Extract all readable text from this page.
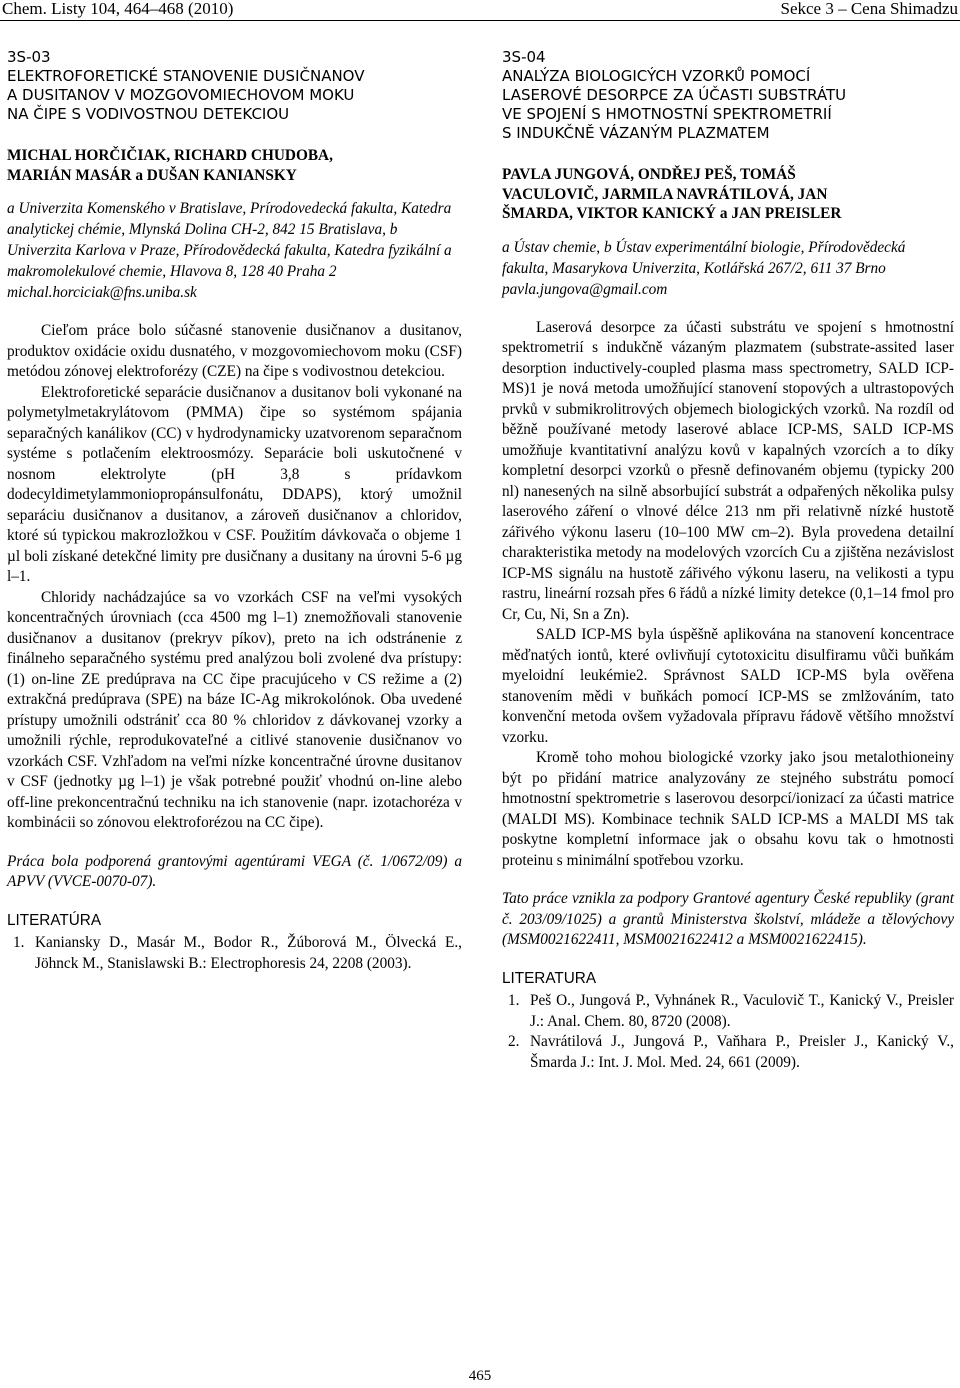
Chem. Listy 104, 464–468 (2010)	Sekce 3 – Cena Shimadzu
3S-03
ELEKTROFORETICKÉ STANOVENIE DUSIČNANOV
A DUSITANOV V MOZGOVOMIECHOVOM MOKU
NA ČIPE S VODIVOSTNOU DETEKCIOU
MICHAL HORČIČIAK, RICHARD CHUDOBA,
MARIÁN MASÁR a DUŠAN KANIANSKY
a Univerzita Komenského v Bratislave, Prírodovedecká fakulta, Katedra analytickej chémie, Mlynská Dolina CH-2, 842 15 Bratislava, b Univerzita Karlova v Praze, Přírodovědecká fakulta, Katedra fyzikální a makromolekulové chemie, Hlavova 8, 128 40 Praha 2
michal.horciciak@fns.uniba.sk

Cieľom práce bolo súčasné stanovenie dusičnanov a dusitanov, produktov oxidácie oxidu dusnatého, v mozgovomiechovom moku (CSF) metódou zónovej elektroforézy (CZE) na čipe s vodivostnou detekciou.

Elektroforetické separácie dusičnanov a dusitanov boli vykonané na polymetylmetakrylátovom (PMMA) čipe so systémom spájania separačných kanálikov (CC) v hydrodynamicky uzatvorenom separačnom systéme s potlačením elektroosmózy. Separácie boli uskutočnené v nosnom elektrolyte (pH 3,8 s prídavkom dodecyldimetylammoniopropánsulfonátu, DDAPS), ktorý umožnil separáciu dusičnanov a dusitanov, a zároveň dusičnanov a chloridov, ktoré sú typickou makrozložkou v CSF. Použitím dávkovača o objeme 1 µl boli získané detekčné limity pre dusičnany a dusitany na úrovni 5-6 µg l–1.

Chloridy nachádzajúce sa vo vzorkách CSF na veľmi vysokých koncentračných úrovniach (cca 4500 mg l–1) znemožňovali stanovenie dusičnanov a dusitanov (prekryv píkov), preto na ich odstránenie z finálneho separačného systému pred analýzou boli zvolené dva prístupy: (1) on-line ZE predúprava na CC čipe pracujúceho v CS režime a (2) extrakčná predúprava (SPE) na báze IC-Ag mikrokolónok. Oba uvedené prístupy umožnili odstrániť cca 80 % chloridov z dávkovanej vzorky a umožnili rýchle, reprodukovateľné a citlivé stanovenie dusičnanov vo vzorkách CSF. Vzhľadom na veľmi nízke koncentračné úrovne dusitanov v CSF (jednotky µg l–1) je však potrebné použiť vhodnú on-line alebo off-line prekoncentračnú techniku na ich stanovenie (napr. izotachoréza v kombinácii so zónovou elektroforézou na CC čipe).

Práca bola podporená grantovými agentúrami VEGA (č. 1/0672/09) a APVV (VVCE-0070-07).
LITERATÚRA
1. Kaniansky D., Masár M., Bodor R., Žúborová M., Ölvecká E., Jöhnck M., Stanislawski B.: Electrophoresis 24, 2208 (2003).
3S-04
ANALÝZA BIOLOGICÝCH VZORKŮ POMOCÍ
LASEROVÉ DESORPCE ZA ÚČASTI SUBSTRÁTU
VE SPOJENÍ S HMOTNOSTNÍ SPEKTROMETRIÍ
S INDUKČNĚ VÁZANÝM PLAZMATEM
PAVLA JUNGOVÁ, ONDŘEJ PEŠ, TOMÁŠ
VACULOVIČ, JARMILA NAVRÁTILOVÁ, JAN
ŠMARDA, VIKTOR KANICKÝ a JAN PREISLER
a Ústav chemie, b Ústav experimentální biologie, Přírodovědecká fakulta, Masarykova Univerzita, Kotlářská 267/2, 611 37 Brno
pavla.jungova@gmail.com

Laserová desorpce za účasti substrátu ve spojení s hmotnostní spektrometrií s indukčně vázaným plazmatem (substrate-assited laser desorption inductively-coupled plasma mass spectrometry, SALD ICP-MS)1 je nová metoda umožňující stanovení stopových a ultrastopových prvků v submikrolitrových objemech biologických vzorků. Na rozdíl od běžně používané metody laserové ablace ICP-MS, SALD ICP-MS umožňuje kvantitativní analýzu kovů v kapalných vzorcích a to díky kompletní desorpci vzorků o přesně definovaném objemu (typicky 200 nl) nanesených na silně absorbující substrát a odpařených několika pulsy laserového záření o vlnové délce 213 nm při relativně nízké hustotě zářivého výkonu laseru (10–100 MW cm–2). Byla provedena detailní charakteristika metody na modelových vzorcích Cu a zjištěna nezávislost ICP-MS signálu na hustotě zářivého výkonu laseru, na velikosti a typu rastru, lineární rozsah přes 6 řádů a nízké limity detekce (0,1–14 fmol pro Cr, Cu, Ni, Sn a Zn).

SALD ICP-MS byla úspěšně aplikována na stanovení koncentrace měďnatých iontů, které ovlivňují cytotoxicitu disulfiramu vůči buňkám myeloidní leukémie2. Správnost SALD ICP-MS byla ověřena stanovením mědi v buňkách pomocí ICP-MS se zmlžováním, tato konvenční metoda ovšem vyžadovala přípravu řádově většího množství vzorku.

Kromě toho mohou biologické vzorky jako jsou metalothioneiny být po přidání matrice analyzovány ze stejného substrátu pomocí hmotnostní spektrometrie s laserovou desorpcí/ionizací za účasti matrice (MALDI MS). Kombinace technik SALD ICP-MS a MALDI MS tak poskytne kompletní informace jak o obsahu kovu tak o hmotnosti proteinu s minimální spotřebou vzorku.

Tato práce vznikla za podpory Grantové agentury České republiky (grant č. 203/09/1025) a grantů Ministerstva školství, mládeže a tělovýchovy (MSM0021622411, MSM0021622412 a MSM0021622415).
LITERATURA
1. Peš O., Jungová P., Vyhnánek R., Vaculovič T., Kanický V., Preisler J.: Anal. Chem. 80, 8720 (2008).
2. Navrátilová J., Jungová P., Vaňhara P., Preisler J., Kanický V., Šmarda J.: Int. J. Mol. Med. 24, 661 (2009).
465
